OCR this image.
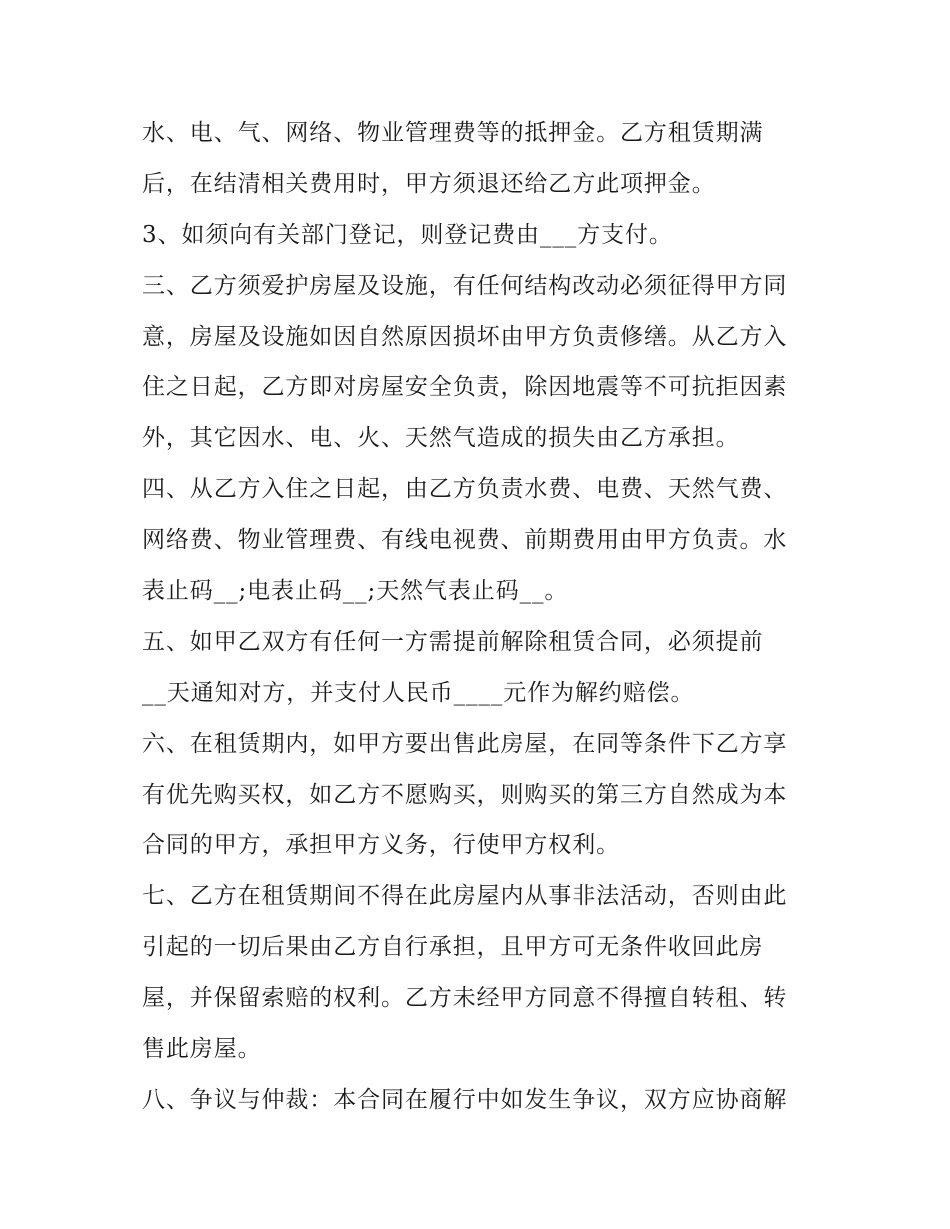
水、电、气、网络、物业管理费等的抵押金。乙方租赁期满
后，在结清相关费用时，甲方须退还给乙方此项押金。
3、如须向有关部门登记，则登记费由___方支付。
三、乙方须爱护房屋及设施，有任何结构改动必须征得甲方同
意，房屋及设施如因自然原因损坏由甲方负责修缮。从乙方入
住之日起，乙方即对房屋安全负责，除因地震等不可抗拒因素
外，其它因水、电、火、天然气造成的损失由乙方承担。
四、从乙方入住之日起，由乙方负责水费、电费、天然气费、
网络费、物业管理费、有线电视费、前期费用由甲方负责。水
表止码__;电表止码__;天然气表止码__。
五、如甲乙双方有任何一方需提前解除租赁合同，必须提前
__天通知对方，并支付人民币____元作为解约赔偿。
六、在租赁期内，如甲方要出售此房屋，在同等条件下乙方享
有优先购买权，如乙方不愿购买，则购买的第三方自然成为本
合同的甲方，承担甲方义务，行使甲方权利。
七、乙方在租赁期间不得在此房屋内从事非法活动，否则由此
引起的一切后果由乙方自行承担，且甲方可无条件收回此房
屋，并保留索赔的权利。乙方未经甲方同意不得擅自转租、转
售此房屋。
八、争议与仲裁：本合同在履行中如发生争议，双方应协商解
